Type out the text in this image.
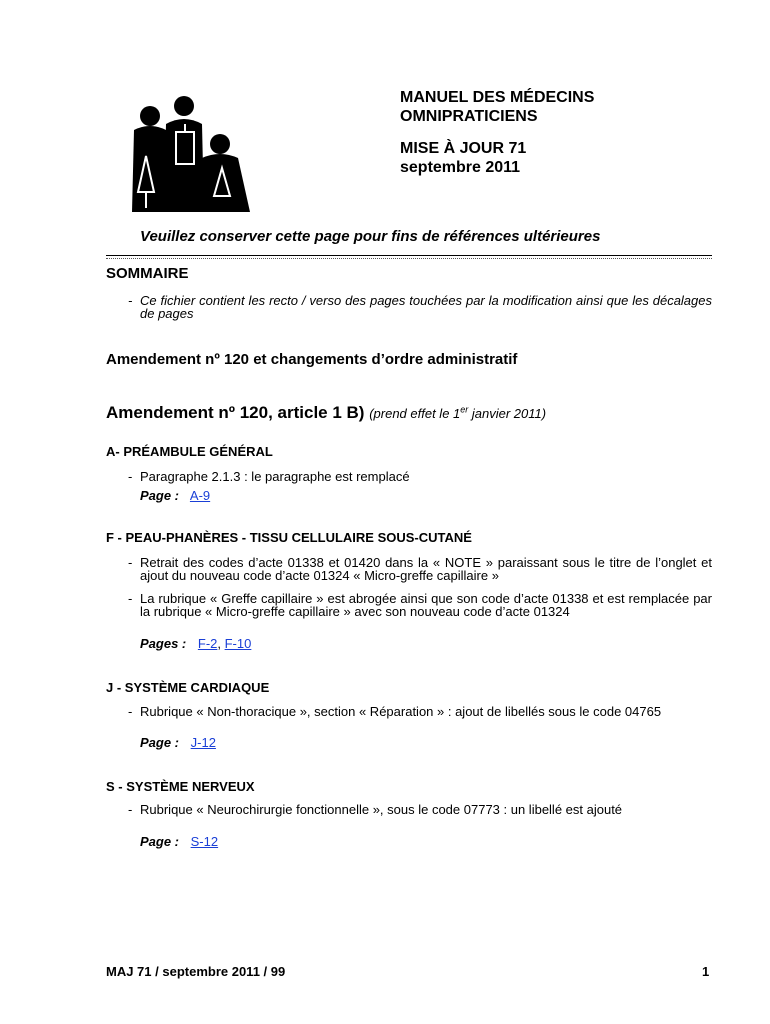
MANUEL DES MÉDECINS
OMNIPRATICIENS
MISE À JOUR 71
septembre 2011
Veuillez conserver cette page pour fins de références ultérieures
SOMMAIRE
- Ce fichier contient les recto / verso des pages touchées par la modification ainsi que les décalages de pages
Amendement nº 120 et changements d’ordre administratif
Amendement nº 120, article 1 B) (prend effet le 1er janvier 2011)
A- PRÉAMBULE GÉNÉRAL
- Paragraphe 2.1.3 : le paragraphe est remplacé
Page : A-9
F - PEAU-PHANÈRES - TISSU CELLULAIRE SOUS-CUTANÉ
- Retrait des codes d’acte 01338 et 01420 dans la « NOTE » paraissant sous le titre de l’onglet et ajout du nouveau code d’acte 01324 « Micro-greffe capillaire »
- La rubrique « Greffe capillaire » est abrogée ainsi que son code d’acte 01338 et est remplacée par la rubrique « Micro-greffe capillaire » avec son nouveau code d’acte 01324
Pages : F-2, F-10
J - SYSTÈME CARDIAQUE
- Rubrique « Non-thoracique », section « Réparation » : ajout de libellés sous le code 04765
Page : J-12
S - SYSTÈME NERVEUX
- Rubrique « Neurochirurgie fonctionnelle », sous le code 07773 : un libellé est ajouté
Page : S-12
MAJ 71 / septembre 2011 / 99	1
